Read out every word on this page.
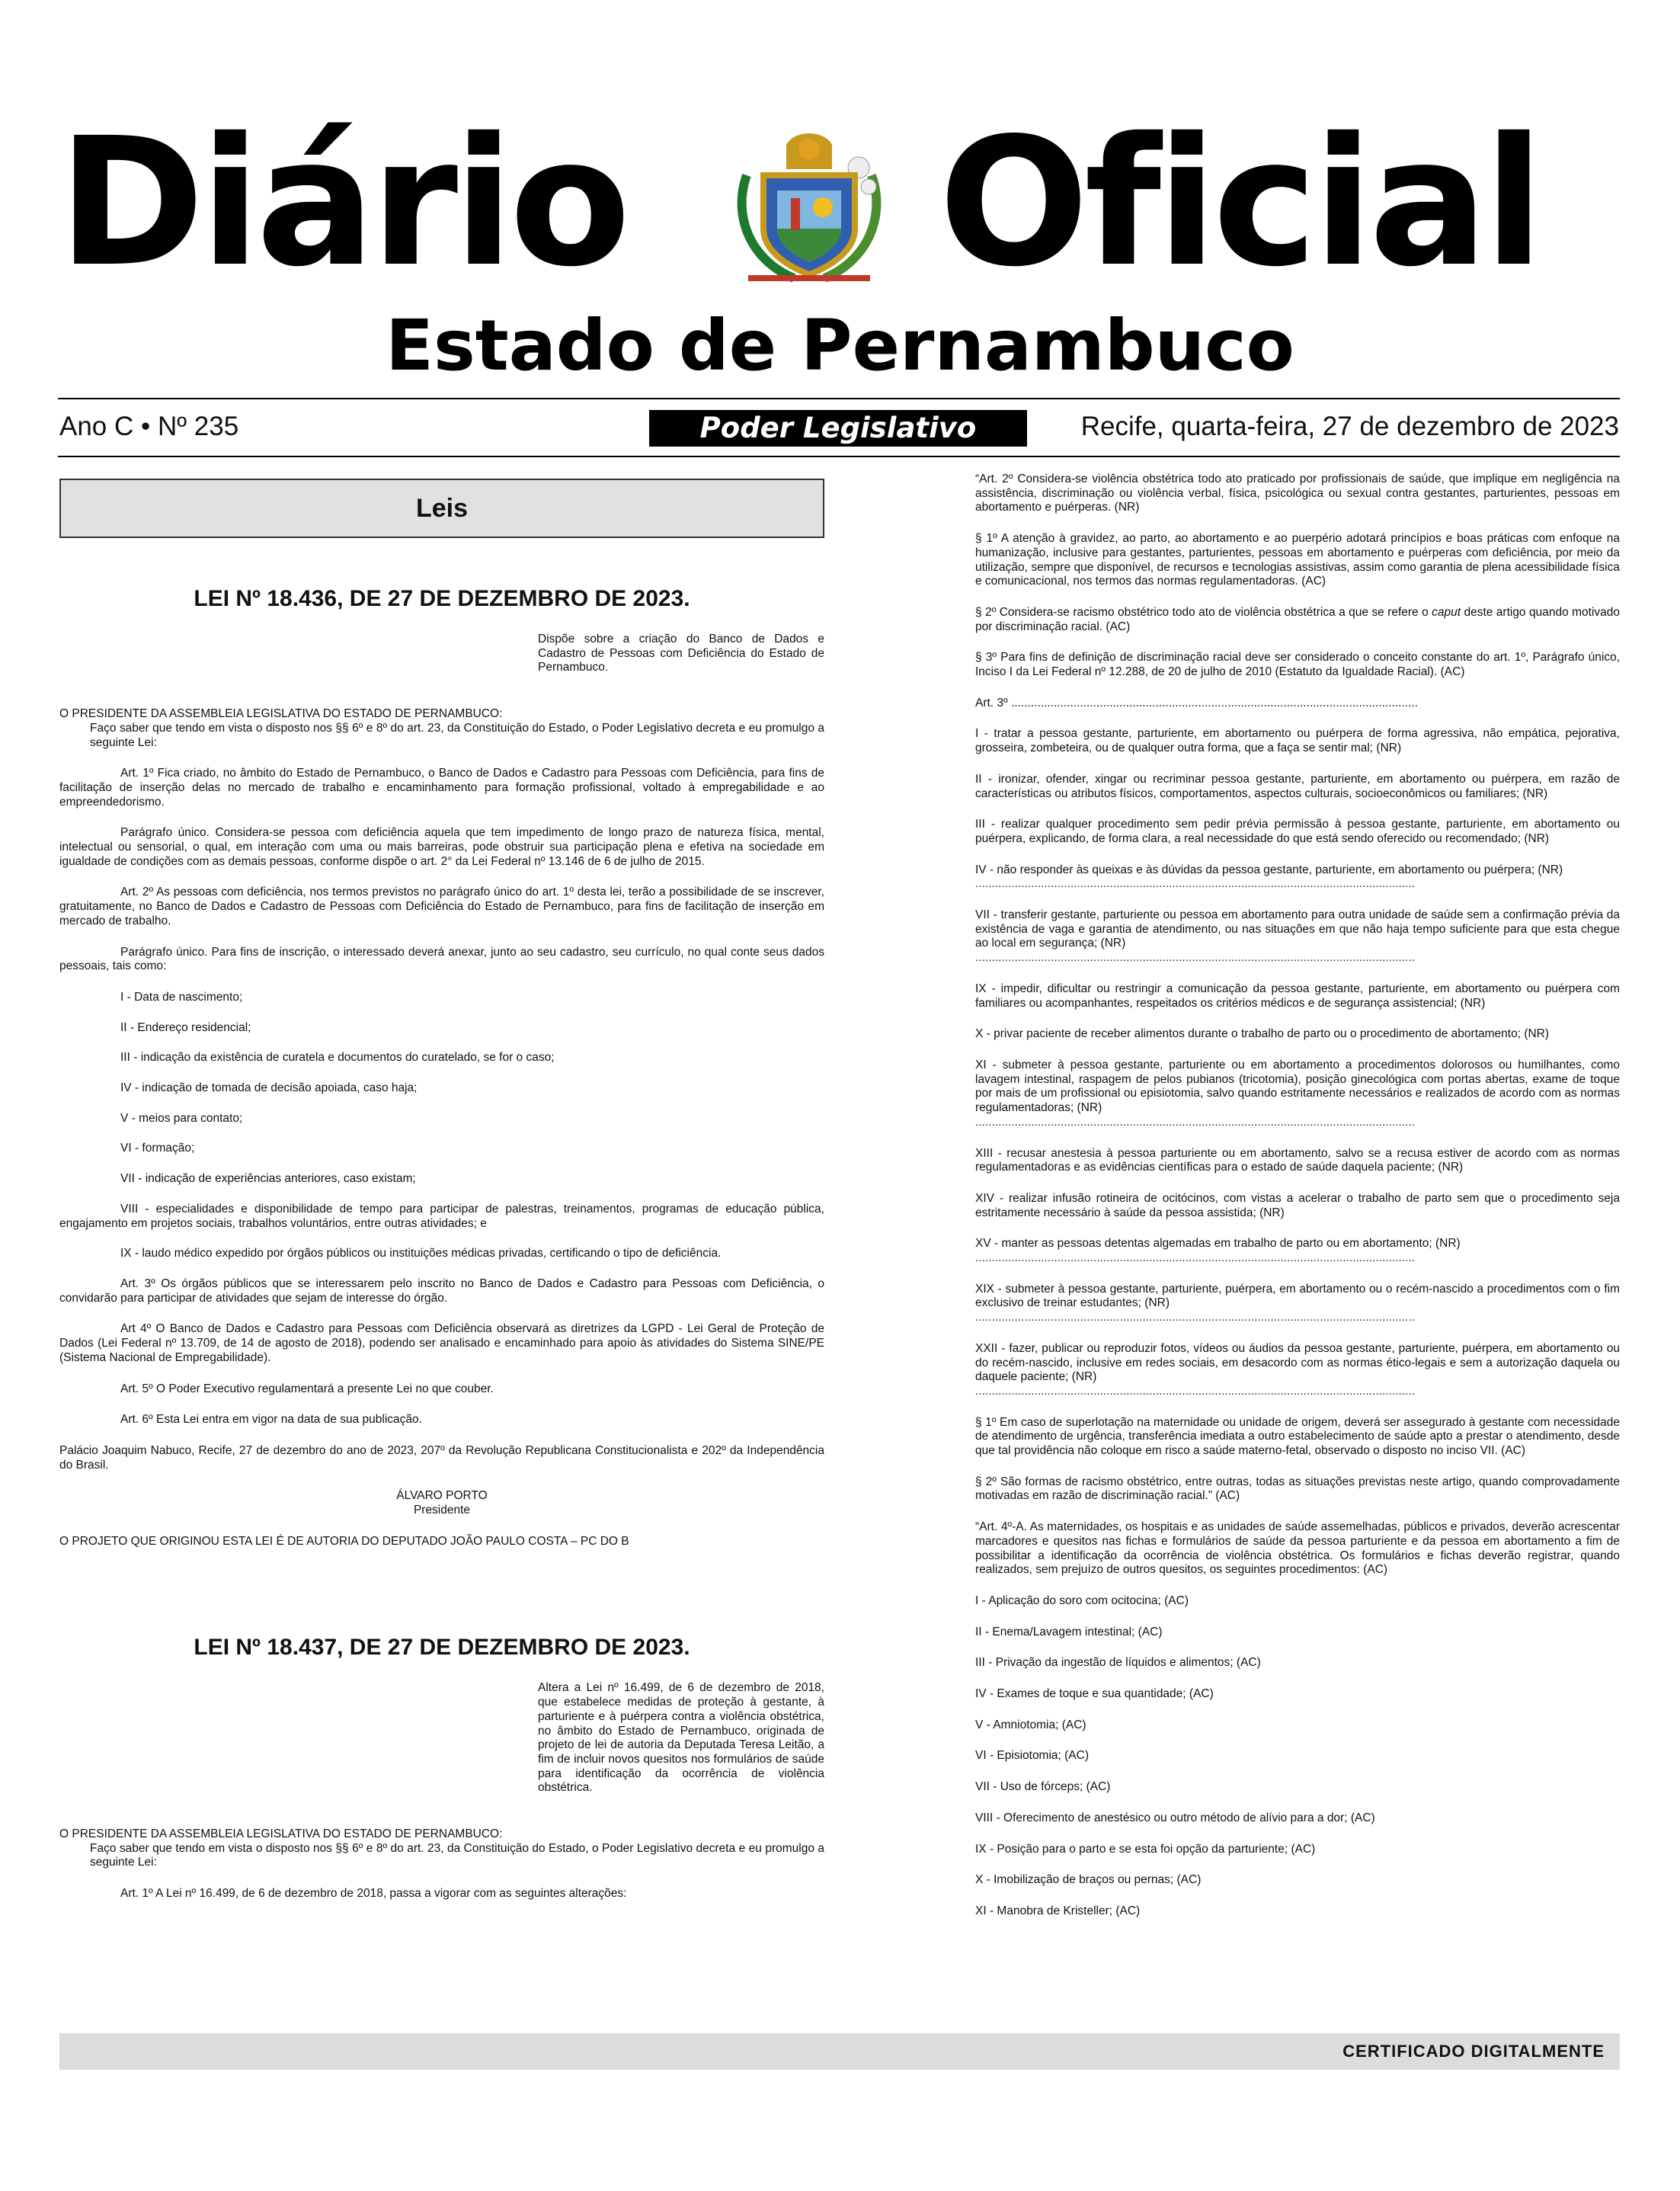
Diário Oficial
Estado de Pernambuco
Ano C • Nº 235	Poder Legislativo	Recife, quarta-feira, 27 de dezembro de 2023
Leis
LEI Nº 18.436, DE 27 DE DEZEMBRO DE 2023.

Dispõe sobre a criação do Banco de Dados e Cadastro de Pessoas com Deficiência do Estado de Pernambuco.

O PRESIDENTE DA ASSEMBLEIA LEGISLATIVA DO ESTADO DE PERNAMBUCO:

Faço saber que tendo em vista o disposto nos §§ 6º e 8º do art. 23, da Constituição do Estado, o Poder Legislativo decreta e eu promulgo a seguinte Lei:

Art. 1º Fica criado, no âmbito do Estado de Pernambuco, o Banco de Dados e Cadastro para Pessoas com Deficiência, para fins de facilitação de inserção delas no mercado de trabalho e encaminhamento para formação profissional, voltado à empregabilidade e ao empreendedorismo.

Parágrafo único. Considera-se pessoa com deficiência aquela que tem impedimento de longo prazo de natureza física, mental, intelectual ou sensorial, o qual, em interação com uma ou mais barreiras, pode obstruir sua participação plena e efetiva na sociedade em igualdade de condições com as demais pessoas, conforme dispõe o art. 2° da Lei Federal nº 13.146 de 6 de julho de 2015.

Art. 2º As pessoas com deficiência, nos termos previstos no parágrafo único do art. 1º desta lei, terão a possibilidade de se inscrever, gratuitamente, no Banco de Dados e Cadastro de Pessoas com Deficiência do Estado de Pernambuco, para fins de facilitação de inserção em mercado de trabalho.

Parágrafo único. Para fins de inscrição, o interessado deverá anexar, junto ao seu cadastro, seu currículo, no qual conte seus dados pessoais, tais como:

I - Data de nascimento;

II - Endereço residencial;

III - indicação da existência de curatela e documentos do curatelado, se for o caso;

IV - indicação de tomada de decisão apoiada, caso haja;

V - meios para contato;

VI - formação;

VII - indicação de experiências anteriores, caso existam;

VIII - especialidades e disponibilidade de tempo para participar de palestras, treinamentos, programas de educação pública, engajamento em projetos sociais, trabalhos voluntários, entre outras atividades; e

IX - laudo médico expedido por órgãos públicos ou instituições médicas privadas, certificando o tipo de deficiência.

Art. 3º Os órgãos públicos que se interessarem pelo inscrito no Banco de Dados e Cadastro para Pessoas com Deficiência, o convidarão para participar de atividades que sejam de interesse do órgão.

Art 4º O Banco de Dados e Cadastro para Pessoas com Deficiência observará as diretrizes da LGPD - Lei Geral de Proteção de Dados (Lei Federal nº 13.709, de 14 de agosto de 2018), podendo ser analisado e encaminhado para apoio às atividades do Sistema SINE/PE (Sistema Nacional de Empregabilidade).

Art. 5º O Poder Executivo regulamentará a presente Lei no que couber.

Art. 6º Esta Lei entra em vigor na data de sua publicação.

Palácio Joaquim Nabuco, Recife, 27 de dezembro do ano de 2023, 207º da Revolução Republicana Constitucionalista e 202º da Independência do Brasil.

ÁLVARO PORTO

Presidente

O PROJETO QUE ORIGINOU ESTA LEI É DE AUTORIA DO DEPUTADO JOÃO PAULO COSTA – PC DO B

LEI Nº 18.437, DE 27 DE DEZEMBRO DE 2023.

Altera a Lei nº 16.499, de 6 de dezembro de 2018, que estabelece medidas de proteção à gestante, à parturiente e à puérpera contra a violência obstétrica, no âmbito do Estado de Pernambuco, originada de projeto de lei de autoria da Deputada Teresa Leitão, a fim de incluir novos quesitos nos formulários de saúde para identificação da ocorrência de violência obstétrica.

O PRESIDENTE DA ASSEMBLEIA LEGISLATIVA DO ESTADO DE PERNAMBUCO:

Faço saber que tendo em vista o disposto nos §§ 6º e 8º do art. 23, da Constituição do Estado, o Poder Legislativo decreta e eu promulgo a seguinte Lei:

Art. 1º A Lei nº 16.499, de 6 de dezembro de 2018, passa a vigorar com as seguintes alterações:

“Art. 2º Considera-se violência obstétrica todo ato praticado por profissionais de saúde, que implique em negligência na assistência, discriminação ou violência verbal, física, psicológica ou sexual contra gestantes, parturientes, pessoas em abortamento e puérperas. (NR)

§ 1º A atenção à gravidez, ao parto, ao abortamento e ao puerpério adotará princípios e boas práticas com enfoque na humanização, inclusive para gestantes, parturientes, pessoas em abortamento e puérperas com deficiência, por meio da utilização, sempre que disponível, de recursos e tecnologias assistivas, assim como garantia de plena acessibilidade física e comunicacional, nos termos das normas regulamentadoras. (AC)

§ 2º Considera-se racismo obstétrico todo ato de violência obstétrica a que se refere o caput deste artigo quando motivado por discriminação racial. (AC)

§ 3º Para fins de definição de discriminação racial deve ser considerado o conceito constante do art. 1º, Parágrafo único, Inciso I da Lei Federal nº 12.288, de 20 de julho de 2010 (Estatuto da Igualdade Racial). (AC)

Art. 3º ............................................................................................................................

I - tratar a pessoa gestante, parturiente, em abortamento ou puérpera de forma agressiva, não empática, pejorativa, grosseira, zombeteira, ou de qualquer outra forma, que a faça se sentir mal; (NR)

II - ironizar, ofender, xingar ou recriminar pessoa gestante, parturiente, em abortamento ou puérpera, em razão de características ou atributos físicos, comportamentos, aspectos culturais, socioeconômicos ou familiares; (NR)

III - realizar qualquer procedimento sem pedir prévia permissão à pessoa gestante, parturiente, em abortamento ou puérpera, explicando, de forma clara, a real necessidade do que está sendo oferecido ou recomendado; (NR)

IV - não responder às queixas e às dúvidas da pessoa gestante, parturiente, em abortamento ou puérpera; (NR)

......................................................................................................................................

VII - transferir gestante, parturiente ou pessoa em abortamento para outra unidade de saúde sem a confirmação prévia da existência de vaga e garantia de atendimento, ou nas situações em que não haja tempo suficiente para que esta chegue ao local em segurança; (NR)

......................................................................................................................................

IX - impedir, dificultar ou restringir a comunicação da pessoa gestante, parturiente, em abortamento ou puérpera com familiares ou acompanhantes, respeitados os critérios médicos e de segurança assistencial; (NR)

X - privar paciente de receber alimentos durante o trabalho de parto ou o procedimento de abortamento; (NR)

XI - submeter à pessoa gestante, parturiente ou em abortamento a procedimentos dolorosos ou humilhantes, como lavagem intestinal, raspagem de pelos pubianos (tricotomia), posição ginecológica com portas abertas, exame de toque por mais de um profissional ou episiotomia, salvo quando estritamente necessários e realizados de acordo com as normas regulamentadoras; (NR)

......................................................................................................................................

XIII - recusar anestesia à pessoa parturiente ou em abortamento, salvo se a recusa estiver de acordo com as normas regulamentadoras e as evidências científicas para o estado de saúde daquela paciente; (NR)

XIV - realizar infusão rotineira de ocitócinos, com vistas a acelerar o trabalho de parto sem que o procedimento seja estritamente necessário à saúde da pessoa assistida; (NR)

XV - manter as pessoas detentas algemadas em trabalho de parto ou em abortamento; (NR)

......................................................................................................................................

XIX - submeter à pessoa gestante, parturiente, puérpera, em abortamento ou o recém-nascido a procedimentos com o fim exclusivo de treinar estudantes; (NR)

......................................................................................................................................

XXII - fazer, publicar ou reproduzir fotos, vídeos ou áudios da pessoa gestante, parturiente, puérpera, em abortamento ou do recém-nascido, inclusive em redes sociais, em desacordo com as normas ético-legais e sem a autorização daquela ou daquele paciente; (NR)

......................................................................................................................................

§ 1º Em caso de superlotação na maternidade ou unidade de origem, deverá ser assegurado à gestante com necessidade de atendimento de urgência, transferência imediata a outro estabelecimento de saúde apto a prestar o atendimento, desde que tal providência não coloque em risco a saúde materno-fetal, observado o disposto no inciso VII. (AC)

§ 2º São formas de racismo obstétrico, entre outras, todas as situações previstas neste artigo, quando comprovadamente motivadas em razão de discriminação racial.” (AC)

“Art. 4º-A. As maternidades, os hospitais e as unidades de saúde assemelhadas, públicos e privados, deverão acrescentar marcadores e quesitos nas fichas e formulários de saúde da pessoa parturiente e da pessoa em abortamento a fim de possibilitar a identificação da ocorrência de violência obstétrica. Os formulários e fichas deverão registrar, quando realizados, sem prejuízo de outros quesitos, os seguintes procedimentos: (AC)

I - Aplicação do soro com ocitocina; (AC)

II - Enema/Lavagem intestinal; (AC)

III - Privação da ingestão de líquidos e alimentos; (AC)

IV - Exames de toque e sua quantidade; (AC)

V - Amniotomia; (AC)

VI - Episiotomia; (AC)

VII - Uso de fórceps; (AC)

VIII - Oferecimento de anestésico ou outro método de alívio para a dor; (AC)

IX - Posição para o parto e se esta foi opção da parturiente; (AC)

X - Imobilização de braços ou pernas; (AC)

XI - Manobra de Kristeller; (AC)

CERTIFICADO DIGITALMENTE
